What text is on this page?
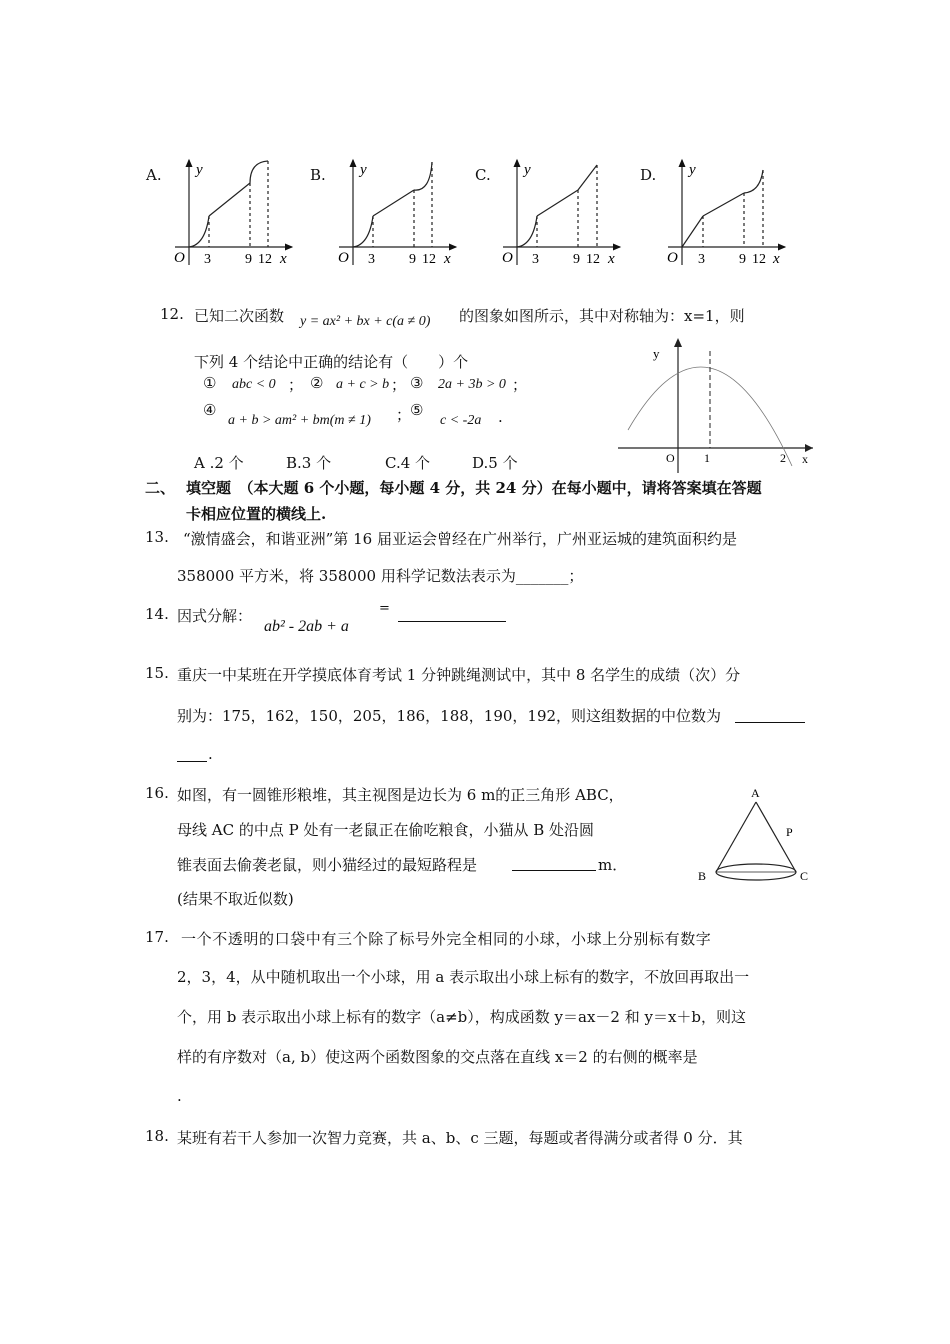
A.	B.	C.	D.
y
O 3 9 12 x
y
O 3 9 12 x
y
O 3 9 12 x
y
O 3 9 12 x
12. 已知二次函数 y = ax² + bx + c(a ≠ 0) 的图象如图所示，其中对称轴为：x=1，则
下列 4 个结论中正确的结论有（　　）个
① abc < 0 ； ② a + c > b ； ③ 2a + 3b > 0 ；
④
a + b > am² + bm(m ≠ 1) ；
⑤
c < -2a .
A .2 个	B.3 个	C.4 个	D.5 个
y
O 1	2 x
二、 填空题　（本大题 6 个小题，每小题 4 分，共 24 分）在每小题中，请将答案填在答题
卡相应位置的横线上.
13. “激情盛会，和谐亚洲”第 16 届亚运会曾经在广州举行，广州亚运城的建筑面积约是
358000 平方米，将 358000 用科学记数法表示为_______；
14. 因式分解：
ab² - 2ab + a
=
15. 重庆一中某班在开学摸底体育考试 1 分钟跳绳测试中，其中 8 名学生的成绩（次）分
别为：175，162，150，205，186，188，190，192，则这组数据的中位数为
.
16. 如图，有一圆锥形粮堆，其主视图是边长为 6 m的正三角形 ABC，
母线 AC 的中点 P 处有一老鼠正在偷吃粮食，小猫从 B 处沿圆
锥表面去偷袭老鼠，则小猫经过的最短路程是	m．
(结果不取近似数)
A
P
B	C
17. 一个不透明的口袋中有三个除了标号外完全相同的小球，小球上分别标有数字
2，3，4，从中随机取出一个小球，用 a 表示取出小球上标有的数字，不放回再取出一
个，用 b 表示取出小球上标有的数字（a≠b），构成函数 y＝ax－2 和 y＝x＋b，则这
样的有序数对（a, b）使这两个函数图象的交点落在直线 x＝2 的右侧的概率是
.
18. 某班有若干人参加一次智力竞赛，共 a、b、c 三题，每题或者得满分或者得 0 分．其
